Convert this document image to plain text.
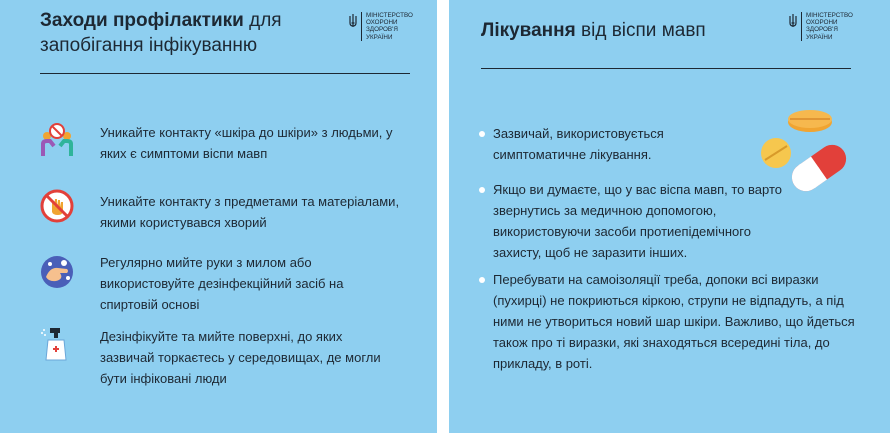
Заходи профілактики для
запобігання інфікуванню
МІНІСТЕРСТВО
ОХОРОНИ
ЗДОРОВ'Я
УКРАЇНИ
Уникайте контакту «шкіра до шкіри» з людьми, у яких є симптоми віспи мавп
Уникайте контакту з предметами та матеріалами, якими користувався хворий
Регулярно мийте руки з милом або використовуйте дезінфекційний засіб на спиртовій основі
Дезінфікуйте та мийте поверхні, до яких зазвичай торкаєтесь у середовищах, де могли бути інфіковані люди
Лікування від віспи мавп
МІНІСТЕРСТВО
ОХОРОНИ
ЗДОРОВ'Я
УКРАЇНИ
Зазвичай, використовується симптоматичне лікування.
Якщо ви думаєте, що у вас віспа мавп, то варто звернутись за медичною допомогою, використовуючи засоби протиепідемічного захисту, щоб не заразити інших.
Перебувати на самоізоляції треба, допоки всі виразки (пухирці) не покриються кіркою, струпи не відпадуть, а під ними не утвориться новий шар шкіри. Важливо, що йдеться також про ті виразки, які знаходяться всередині тіла, до прикладу, в роті.
